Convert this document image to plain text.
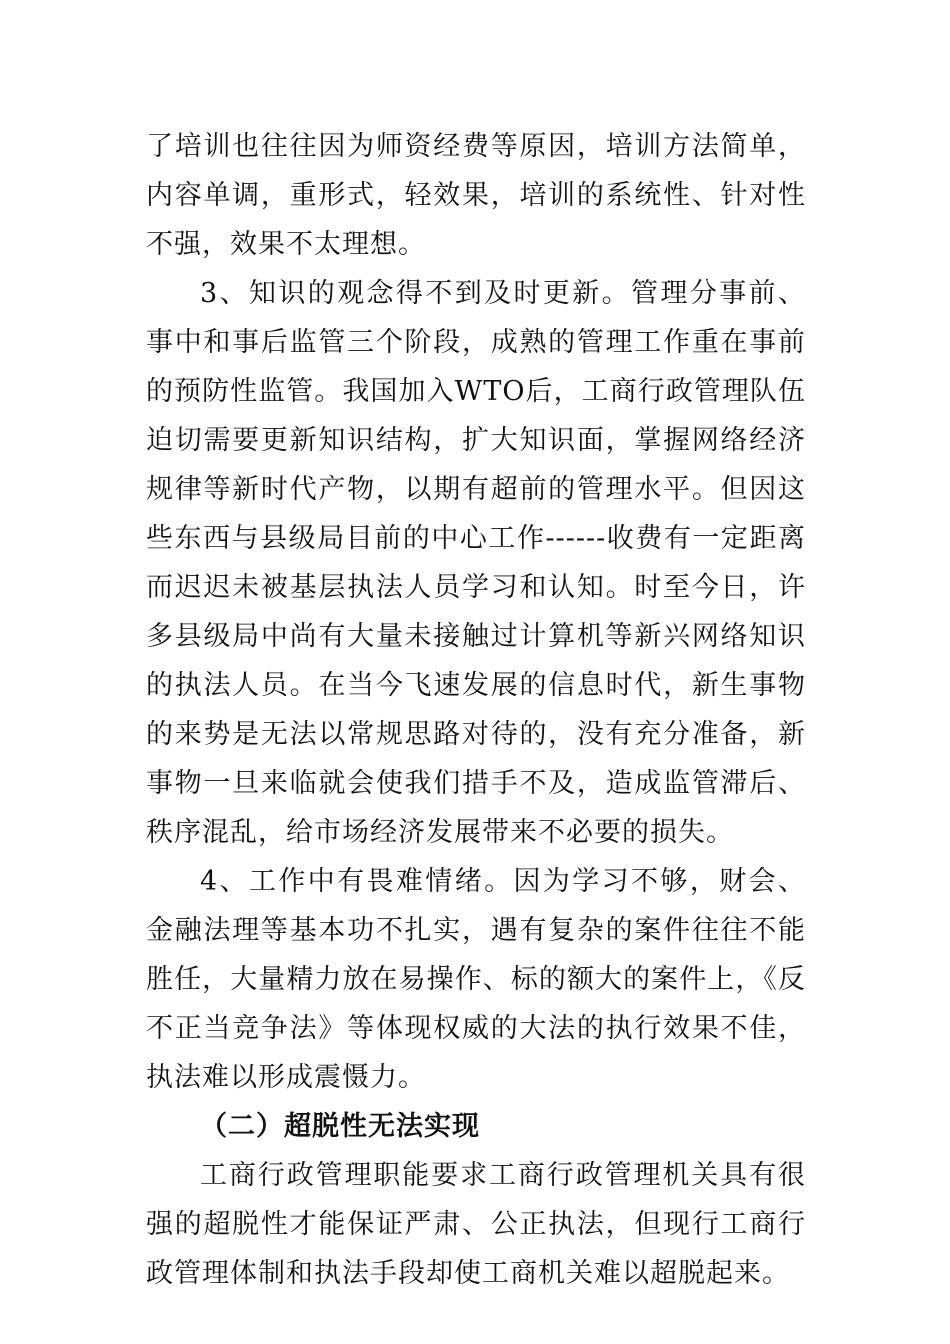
了培训也往往因为师资经费等原因，培训方法简单，内容单调，重形式，轻效果，培训的系统性、针对性不强，效果不太理想。

3、知识的观念得不到及时更新。管理分事前、事中和事后监管三个阶段，成熟的管理工作重在事前的预防性监管。我国加入WTO后，工商行政管理队伍迫切需要更新知识结构，扩大知识面，掌握网络经济规律等新时代产物，以期有超前的管理水平。但因这些东西与县级局目前的中心工作------收费有一定距离而迟迟未被基层执法人员学习和认知。时至今日，许多县级局中尚有大量未接触过计算机等新兴网络知识的执法人员。在当今飞速发展的信息时代，新生事物的来势是无法以常规思路对待的，没有充分准备，新事物一旦来临就会使我们措手不及，造成监管滞后、秩序混乱，给市场经济发展带来不必要的损失。

4、工作中有畏难情绪。因为学习不够，财会、金融法理等基本功不扎实，遇有复杂的案件往往不能胜任，大量精力放在易操作、标的额大的案件上，《反不正当竞争法》等体现权威的大法的执行效果不佳，执法难以形成震慑力。

（二）超脱性无法实现

工商行政管理职能要求工商行政管理机关具有很强的超脱性才能保证严肃、公正执法，但现行工商行政管理体制和执法手段却使工商机关难以超脱起来。
